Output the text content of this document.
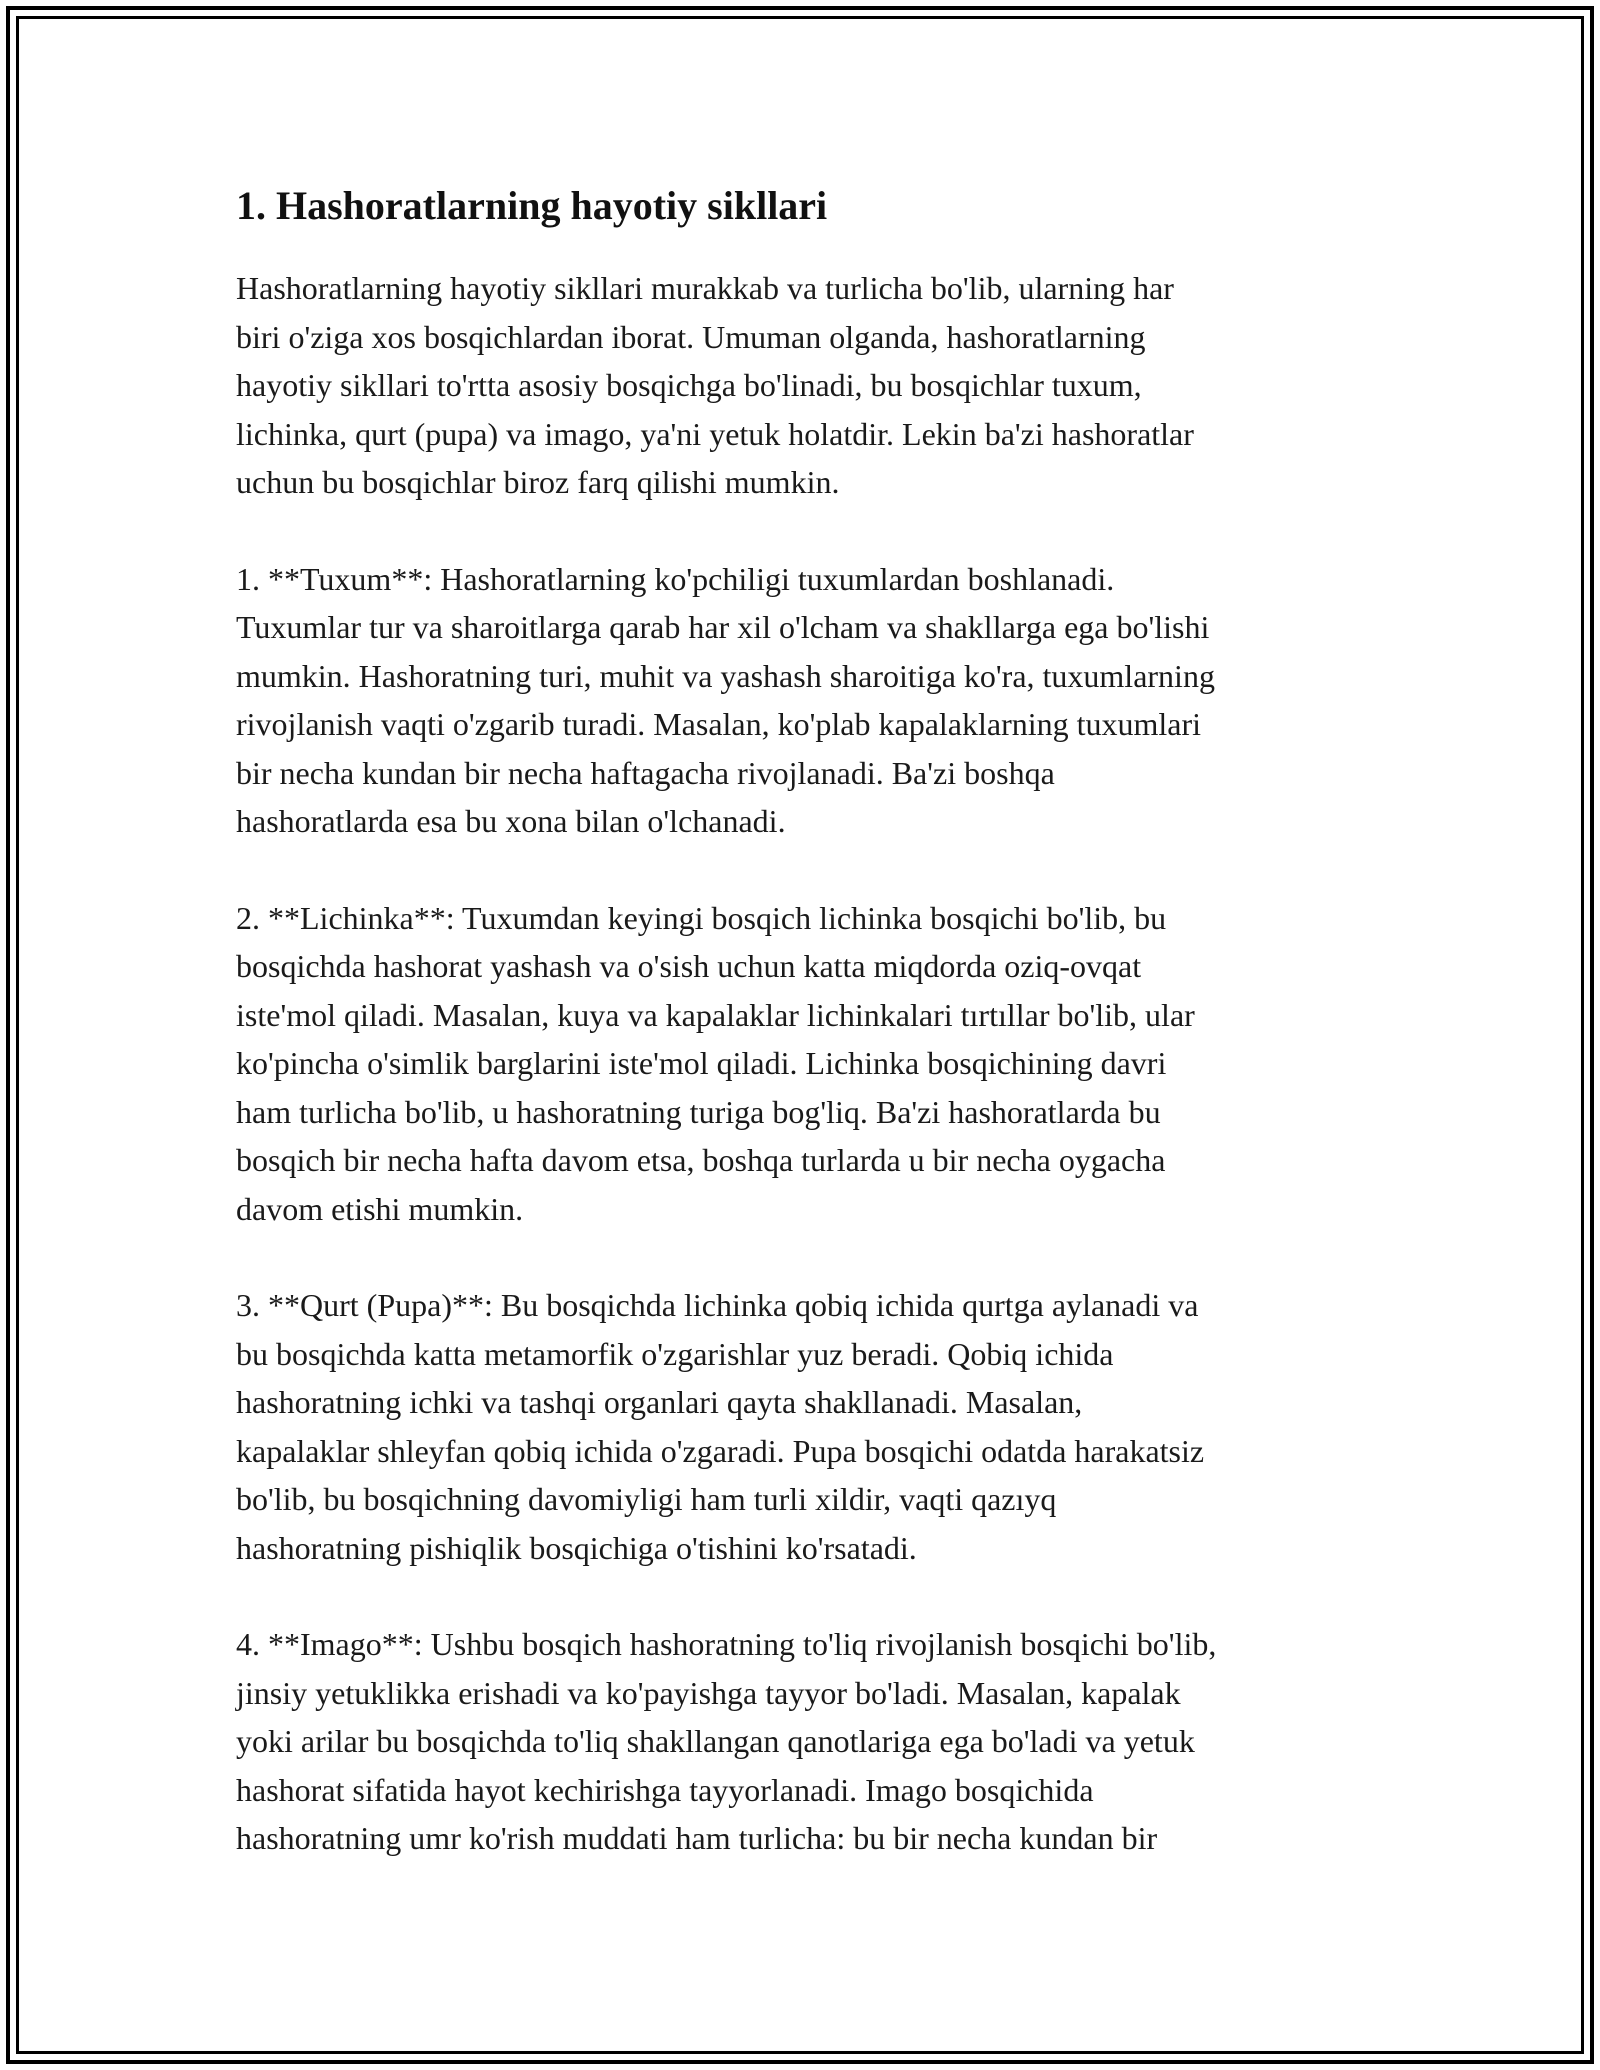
1. Hashoratlarning hayotiy sikllari

Hashoratlarning hayotiy sikllari murakkab va turlicha bo'lib, ularning har
biri o'ziga xos bosqichlardan iborat. Umuman olganda, hashoratlarning
hayotiy sikllari to'rtta asosiy bosqichga bo'linadi, bu bosqichlar tuxum,
lichinka, qurt (pupa) va imago, ya'ni yetuk holatdir. Lekin ba'zi hashoratlar
uchun bu bosqichlar biroz farq qilishi mumkin.

1. **Tuxum**: Hashoratlarning ko'pchiligi tuxumlardan boshlanadi.
Tuxumlar tur va sharoitlarga qarab har xil o'lcham va shakllarga ega bo'lishi
mumkin. Hashoratning turi, muhit va yashash sharoitiga ko'ra, tuxumlarning
rivojlanish vaqti o'zgarib turadi. Masalan, ko'plab kapalaklarning tuxumlari
bir necha kundan bir necha haftagacha rivojlanadi. Ba'zi boshqa
hashoratlarda esa bu xona bilan o'lchanadi.

2. **Lichinka**: Tuxumdan keyingi bosqich lichinka bosqichi bo'lib, bu
bosqichda hashorat yashash va o'sish uchun katta miqdorda oziq-ovqat
iste'mol qiladi. Masalan, kuya va kapalaklar lichinkalari tırtıllar bo'lib, ular
ko'pincha o'simlik barglarini iste'mol qiladi. Lichinka bosqichining davri
ham turlicha bo'lib, u hashoratning turiga bog'liq. Ba'zi hashoratlarda bu
bosqich bir necha hafta davom etsa, boshqa turlarda u bir necha oygacha
davom etishi mumkin.

3. **Qurt (Pupa)**: Bu bosqichda lichinka qobiq ichida qurtga aylanadi va
bu bosqichda katta metamorfik o'zgarishlar yuz beradi. Qobiq ichida
hashoratning ichki va tashqi organlari qayta shakllanadi. Masalan,
kapalaklar shleyfan qobiq ichida o'zgaradi. Pupa bosqichi odatda harakatsiz
bo'lib, bu bosqichning davomiyligi ham turli xildir, vaqti qazıyq
hashoratning pishiqlik bosqichiga o'tishini ko'rsatadi.

4. **Imago**: Ushbu bosqich hashoratning to'liq rivojlanish bosqichi bo'lib,
jinsiy yetuklikka erishadi va ko'payishga tayyor bo'ladi. Masalan, kapalak
yoki arilar bu bosqichda to'liq shakllangan qanotlariga ega bo'ladi va yetuk
hashorat sifatida hayot kechirishga tayyorlanadi. Imago bosqichida
hashoratning umr ko'rish muddati ham turlicha: bu bir necha kundan bir
